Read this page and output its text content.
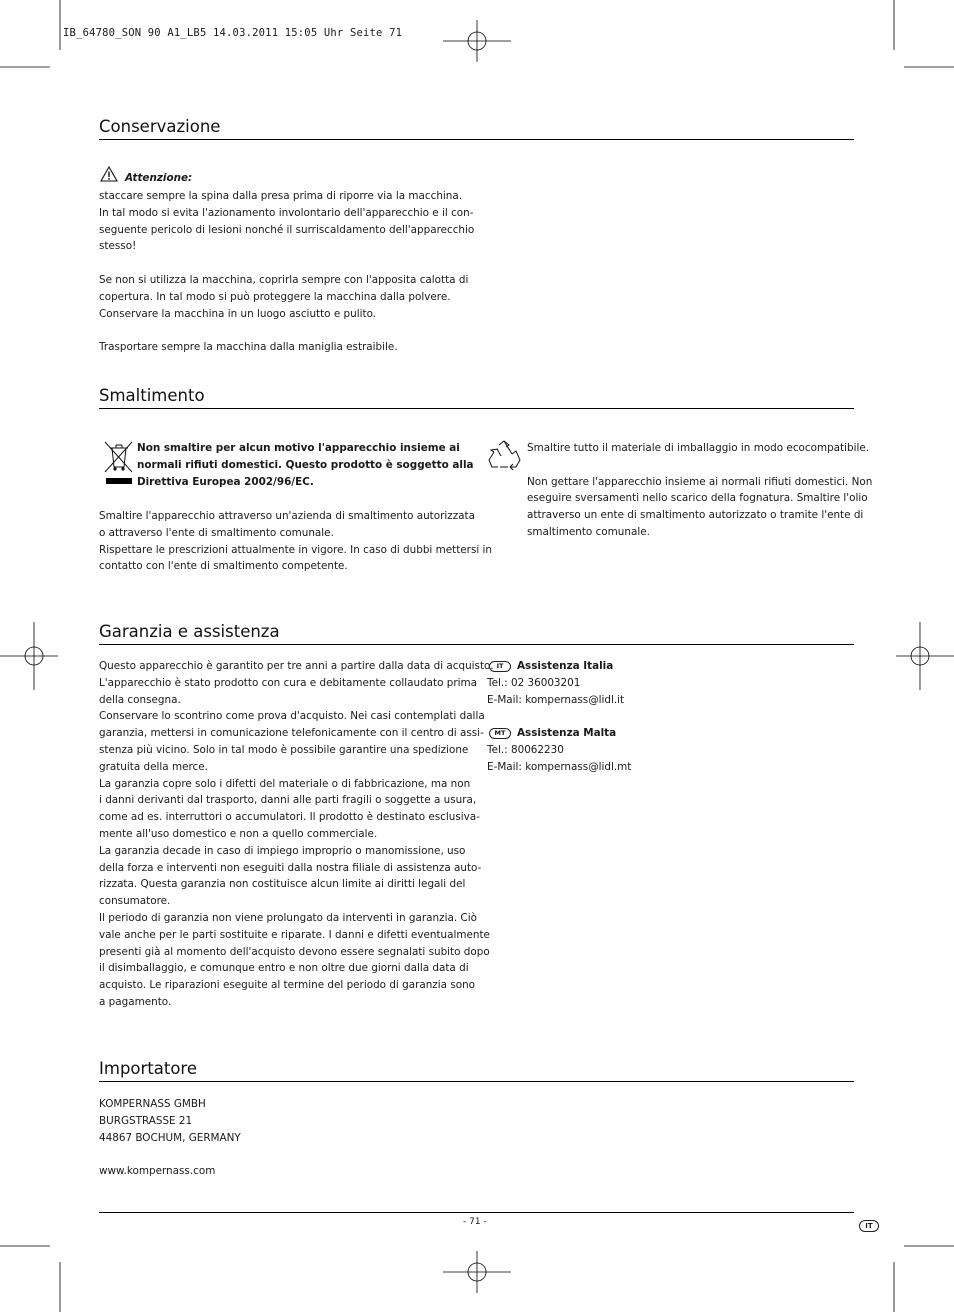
IB_64780_SON 90 A1_LB5 14.03.2011 15:05 Uhr Seite 71
Conservazione
Attenzione:
staccare sempre la spina dalla presa prima di riporre via la macchina.
In tal modo si evita l'azionamento involontario dell'apparecchio e il con-
seguente pericolo di lesioni nonché il surriscaldamento dell'apparecchio
stesso!

Se non si utilizza la macchina, coprirla sempre con l'apposita calotta di
copertura. In tal modo si può proteggere la macchina dalla polvere.
Conservare la macchina in un luogo asciutto e pulito.

Trasportare sempre la macchina dalla maniglia estraibile.
Smaltimento
Non smaltire per alcun motivo l'apparecchio insieme ai
normali rifiuti domestici. Questo prodotto è soggetto alla
Direttiva Europea 2002/96/EC.
Smaltire l'apparecchio attraverso un'azienda di smaltimento autorizzata
o attraverso l'ente di smaltimento comunale.
Rispettare le prescrizioni attualmente in vigore. In caso di dubbi mettersi in
contatto con l'ente di smaltimento competente.
Smaltire tutto il materiale di imballaggio in modo ecocompatibile.

Non gettare l'apparecchio insieme ai normali rifiuti domestici. Non
eseguire sversamenti nello scarico della fognatura. Smaltire l'olio
attraverso un ente di smaltimento autorizzato o tramite l'ente di
smaltimento comunale.
Garanzia e assistenza
Questo apparecchio è garantito per tre anni a partire dalla data di acquisto.
L'apparecchio è stato prodotto con cura e debitamente collaudato prima
della consegna.
Conservare lo scontrino come prova d'acquisto. Nei casi contemplati dalla
garanzia, mettersi in comunicazione telefonicamente con il centro di assi-
stenza più vicino. Solo in tal modo è possibile garantire una spedizione
gratuita della merce.
La garanzia copre solo i difetti del materiale o di fabbricazione, ma non
i danni derivanti dal trasporto, danni alle parti fragili o soggette a usura,
come ad es. interruttori o accumulatori. Il prodotto è destinato esclusiva-
mente all'uso domestico e non a quello commerciale.
La garanzia decade in caso di impiego improprio o manomissione, uso
della forza e interventi non eseguiti dalla nostra filiale di assistenza auto-
rizzata. Questa garanzia non costituisce alcun limite ai diritti legali del
consumatore.
Il periodo di garanzia non viene prolungato da interventi in garanzia. Ciò
vale anche per le parti sostituite e riparate. I danni e difetti eventualmente
presenti già al momento dell'acquisto devono essere segnalati subito dopo
il disimballaggio, e comunque entro e non oltre due giorni dalla data di
acquisto. Le riparazioni eseguite al termine del periodo di garanzia sono
a pagamento.
IT	Assistenza Italia
Tel.: 02 36003201
E-Mail: kompernass@lidl.it
MT	Assistenza Malta
Tel.: 80062230
E-Mail: kompernass@lidl.mt
Importatore
KOMPERNASS GMBH
BURGSTRASSE 21
44867 BOCHUM, GERMANY
www.kompernass.com
- 71 -	IT
